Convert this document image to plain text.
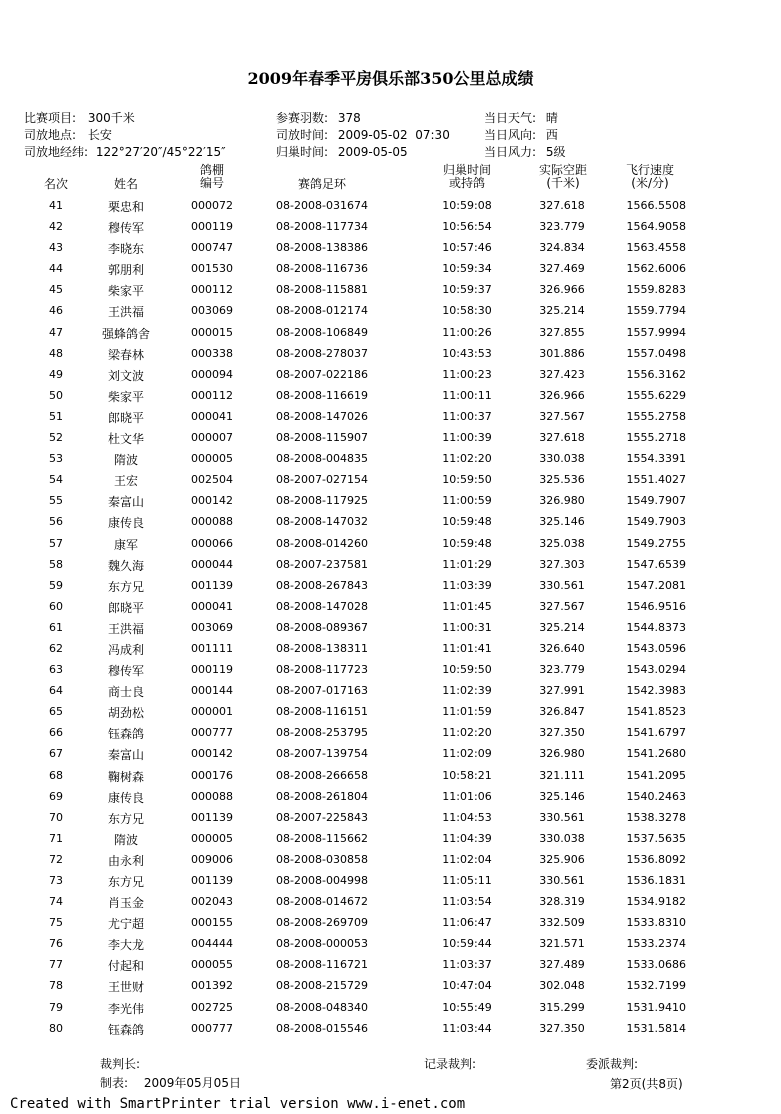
2009年春季平房俱乐部350公里总成绩
比赛项目: 300千米
司放地点: 长安
司放地经纬: 122°27′20″/45°22′15″
参赛羽数: 378
司放时间: 2009-05-02  07:30
归巢时间: 2009-05-05
当日天气: 晴
当日风向: 西
当日风力: 5级
名次	姓名
鸽棚
编号	赛鸽足环
归巢时间
或持鸽
实际空距
(千米)
飞行速度
(米/分)
41	栗忠和	000072	08-2008-031674	10:59:08	327.618	1566.5508
42	穆传军	000119	08-2008-117734	10:56:54	323.779	1564.9058
43	李晓东	000747	08-2008-138386	10:57:46	324.834	1563.4558
44	郭朋利	001530	08-2008-116736	10:59:34	327.469	1562.6006
45	柴家平	000112	08-2008-115881	10:59:37	326.966	1559.8283
46	王洪福	003069	08-2008-012174	10:58:30	325.214	1559.7794
47	强蜂鸽舍	000015	08-2008-106849	11:00:26	327.855	1557.9994
48	梁春林	000338	08-2008-278037	10:43:53	301.886	1557.0498
49	刘文波	000094	08-2007-022186	11:00:23	327.423	1556.3162
50	柴家平	000112	08-2008-116619	11:00:11	326.966	1555.6229
51	郎晓平	000041	08-2008-147026	11:00:37	327.567	1555.2758
52	杜文华	000007	08-2008-115907	11:00:39	327.618	1555.2718
53	隋波	000005	08-2008-004835	11:02:20	330.038	1554.3391
54	王宏	002504	08-2007-027154	10:59:50	325.536	1551.4027
55	秦富山	000142	08-2008-117925	11:00:59	326.980	1549.7907
56	康传良	000088	08-2008-147032	10:59:48	325.146	1549.7903
57	康军	000066	08-2008-014260	10:59:48	325.038	1549.2755
58	魏久海	000044	08-2007-237581	11:01:29	327.303	1547.6539
59	东方兄	001139	08-2008-267843	11:03:39	330.561	1547.2081
60	郎晓平	000041	08-2008-147028	11:01:45	327.567	1546.9516
61	王洪福	003069	08-2008-089367	11:00:31	325.214	1544.8373
62	冯成利	001111	08-2008-138311	11:01:41	326.640	1543.0596
63	穆传军	000119	08-2008-117723	10:59:50	323.779	1543.0294
64	商士良	000144	08-2007-017163	11:02:39	327.991	1542.3983
65	胡劲松	000001	08-2008-116151	11:01:59	326.847	1541.8523
66	钰森鸽	000777	08-2008-253795	11:02:20	327.350	1541.6797
67	秦富山	000142	08-2007-139754	11:02:09	326.980	1541.2680
68	鞠树森	000176	08-2008-266658	10:58:21	321.111	1541.2095
69	康传良	000088	08-2008-261804	11:01:06	325.146	1540.2463
70	东方兄	001139	08-2007-225843	11:04:53	330.561	1538.3278
71	隋波	000005	08-2008-115662	11:04:39	330.038	1537.5635
72	由永利	009006	08-2008-030858	11:02:04	325.906	1536.8092
73	东方兄	001139	08-2008-004998	11:05:11	330.561	1536.1831
74	肖玉金	002043	08-2008-014672	11:03:54	328.319	1534.9182
75	尤宁超	000155	08-2008-269709	11:06:47	332.509	1533.8310
76	李大龙	004444	08-2008-000053	10:59:44	321.571	1533.2374
77	付起和	000055	08-2008-116721	11:03:37	327.489	1533.0686
78	王世财	001392	08-2008-215729	10:47:04	302.048	1532.7199
79	李光伟	002725	08-2008-048340	10:55:49	315.299	1531.9410
80	钰森鸽	000777	08-2008-015546	11:03:44	327.350	1531.5814
裁判长:	记录裁判:	委派裁判:
制表: 2009年05月05日	第2页(共8页)
Created with SmartPrinter trial version www.i-enet.com
